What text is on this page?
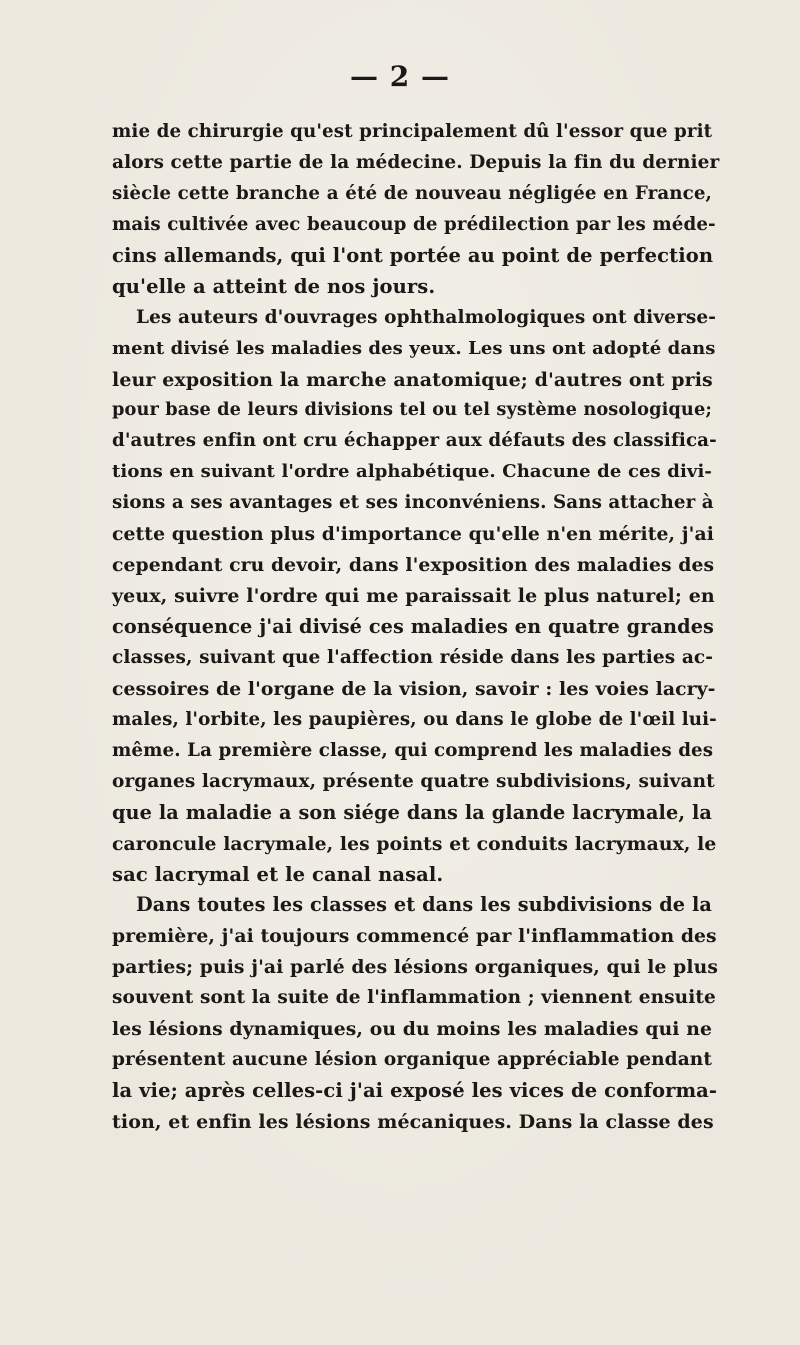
— 2 —
mie de chirurgie qu'est principalement dû l'essor que prit
alors cette partie de la médecine. Depuis la fin du dernier
siècle cette branche a été de nouveau négligée en France,
mais cultivée avec beaucoup de prédilection par les méde-
cins allemands, qui l'ont portée au point de perfection
qu'elle a atteint de nos jours.
Les auteurs d'ouvrages ophthalmologiques ont diverse-
ment divisé les maladies des yeux. Les uns ont adopté dans
leur exposition la marche anatomique; d'autres ont pris
pour base de leurs divisions tel ou tel système nosologique;
d'autres enfin ont cru échapper aux défauts des classifica-
tions en suivant l'ordre alphabétique. Chacune de ces divi-
sions a ses avantages et ses inconvéniens. Sans attacher à
cette question plus d'importance qu'elle n'en mérite, j'ai
cependant cru devoir, dans l'exposition des maladies des
yeux, suivre l'ordre qui me paraissait le plus naturel; en
conséquence j'ai divisé ces maladies en quatre grandes
classes, suivant que l'affection réside dans les parties ac-
cessoires de l'organe de la vision, savoir : les voies lacry-
males, l'orbite, les paupières, ou dans le globe de l'œil lui-
même. La première classe, qui comprend les maladies des
organes lacrymaux, présente quatre subdivisions, suivant
que la maladie a son siége dans la glande lacrymale, la
caroncule lacrymale, les points et conduits lacrymaux, le
sac lacrymal et le canal nasal.
Dans toutes les classes et dans les subdivisions de la
première, j'ai toujours commencé par l'inflammation des
parties; puis j'ai parlé des lésions organiques, qui le plus
souvent sont la suite de l'inflammation ; viennent ensuite
les lésions dynamiques, ou du moins les maladies qui ne
présentent aucune lésion organique appréciable pendant
la vie; après celles-ci j'ai exposé les vices de conforma-
tion, et enfin les lésions mécaniques. Dans la classe des
